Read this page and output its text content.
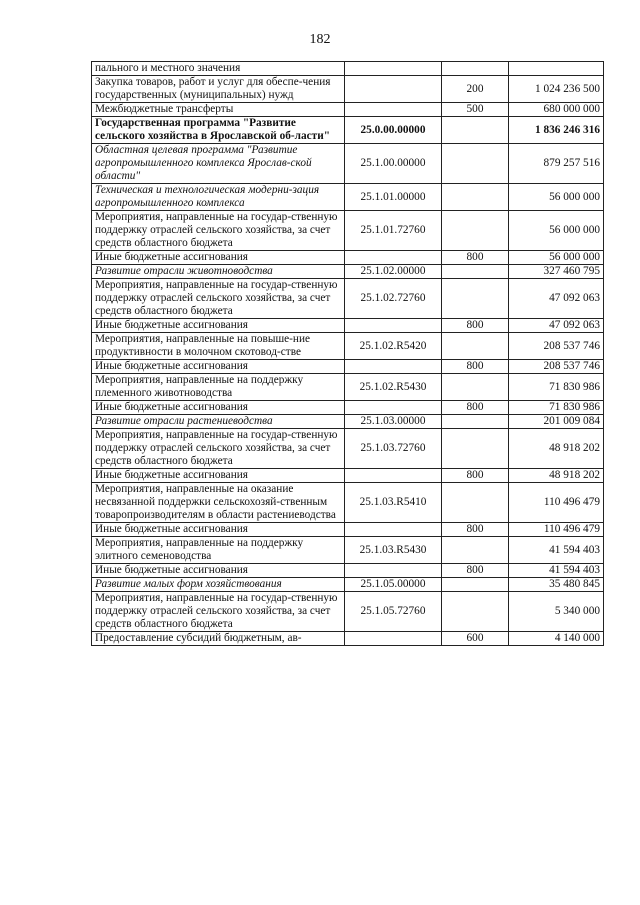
182
пального и местного значения			
Закупка товаров, работ и услуг для обеспе-чения государственных (муниципальных) нужд		200	1 024 236 500
Межбюджетные трансферты		500	680 000 000
Государственная программа "Развитие сельского хозяйства в Ярославской об-ласти"	25.0.00.00000		1 836 246 316
Областная целевая программа "Развитие агропромышленного комплекса Ярослав-ской области"	25.1.00.00000		879 257 516
Техническая и технологическая модерни-зация агропромышленного комплекса	25.1.01.00000		56 000 000
Мероприятия, направленные на государ-ственную поддержку отраслей сельского хозяйства, за счет средств областного бюджета	25.1.01.72760		56 000 000
Иные бюджетные ассигнования		800	56 000 000
Развитие отрасли животноводства	25.1.02.00000		327 460 795
Мероприятия, направленные на государ-ственную поддержку отраслей сельского хозяйства, за счет средств областного бюджета	25.1.02.72760		47 092 063
Иные бюджетные ассигнования		800	47 092 063
Мероприятия, направленные на повыше-ние продуктивности в молочном скотовод-стве	25.1.02.R5420		208 537 746
Иные бюджетные ассигнования		800	208 537 746
Мероприятия, направленные на поддержку племенного животноводства	25.1.02.R5430		71 830 986
Иные бюджетные ассигнования		800	71 830 986
Развитие отрасли растениеводства	25.1.03.00000		201 009 084
Мероприятия, направленные на государ-ственную поддержку отраслей сельского хозяйства, за счет средств областного бюджета	25.1.03.72760		48 918 202
Иные бюджетные ассигнования		800	48 918 202
Мероприятия, направленные на оказание несвязанной поддержки сельскохозяй-ственным товаропроизводителям в области растениеводства	25.1.03.R5410		110 496 479
Иные бюджетные ассигнования		800	110 496 479
Мероприятия, направленные на поддержку элитного семеноводства	25.1.03.R5430		41 594 403
Иные бюджетные ассигнования		800	41 594 403
Развитие малых форм хозяйствования	25.1.05.00000		35 480 845
Мероприятия, направленные на государ-ственную поддержку отраслей сельского хозяйства, за счет средств областного бюджета	25.1.05.72760		5 340 000
Предоставление субсидий бюджетным, ав-		600	4 140 000
